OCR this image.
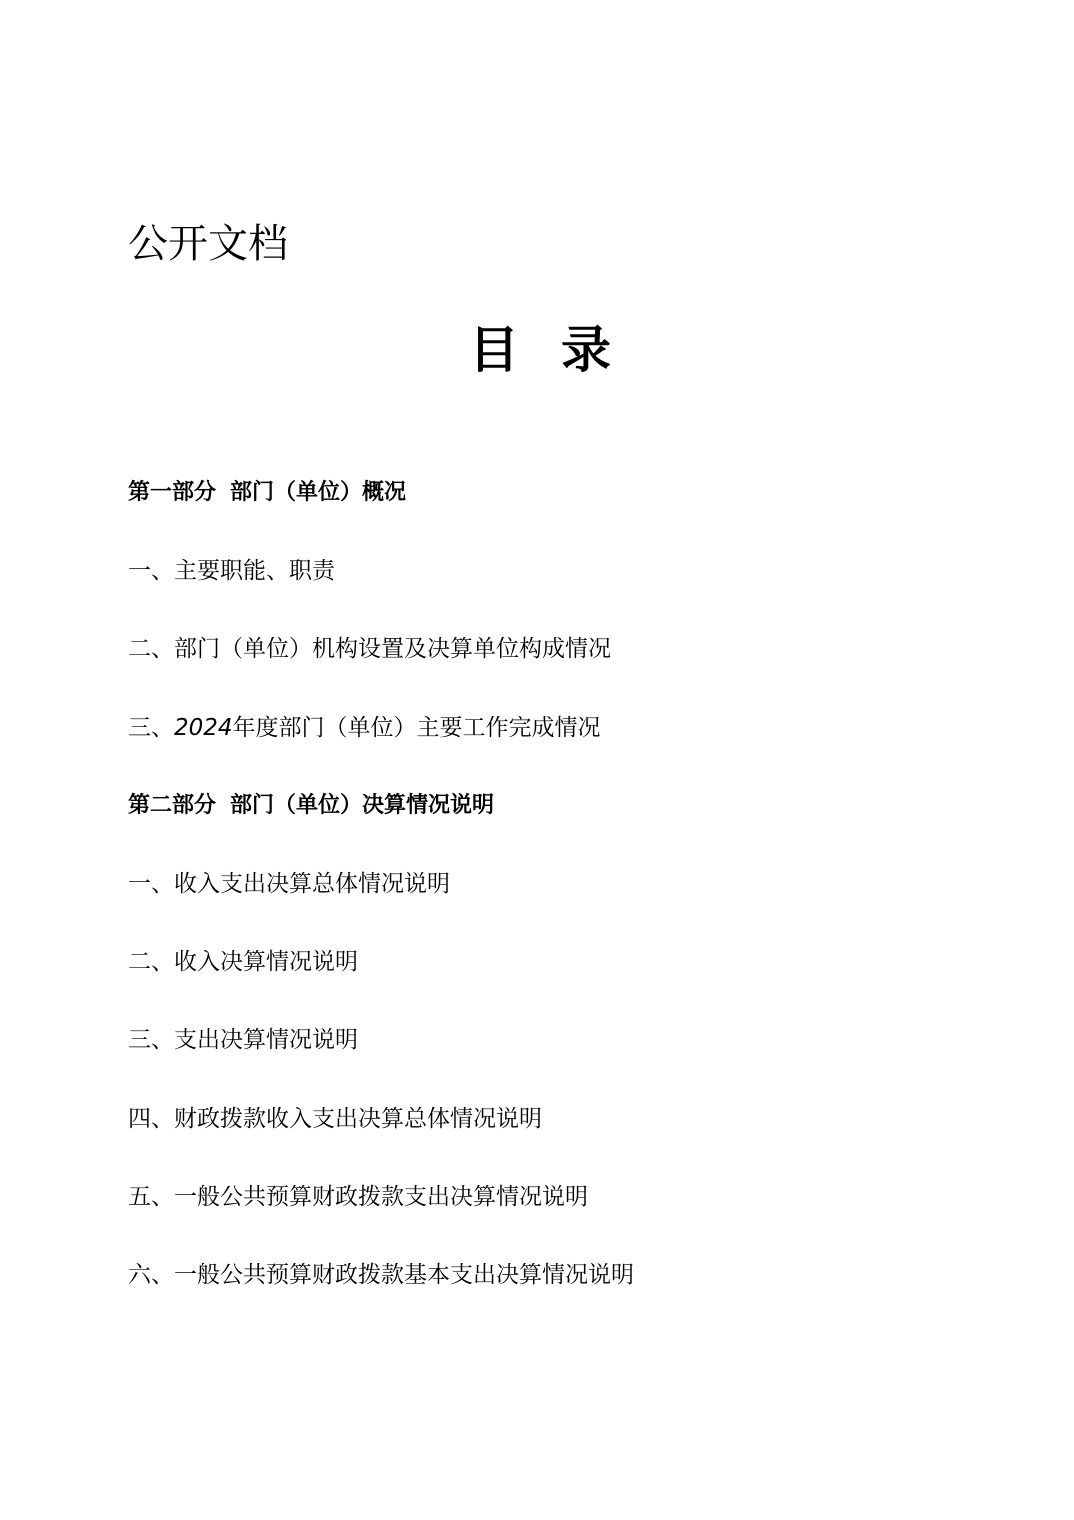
公开文档
目 录
第一部分 部门（单位）概况
一、主要职能、职责
二、部门（单位）机构设置及决算单位构成情况
三、2024年度部门（单位）主要工作完成情况
第二部分 部门（单位）决算情况说明
一、收入支出决算总体情况说明
二、收入决算情况说明
三、支出决算情况说明
四、财政拨款收入支出决算总体情况说明
五、一般公共预算财政拨款支出决算情况说明
六、一般公共预算财政拨款基本支出决算情况说明
